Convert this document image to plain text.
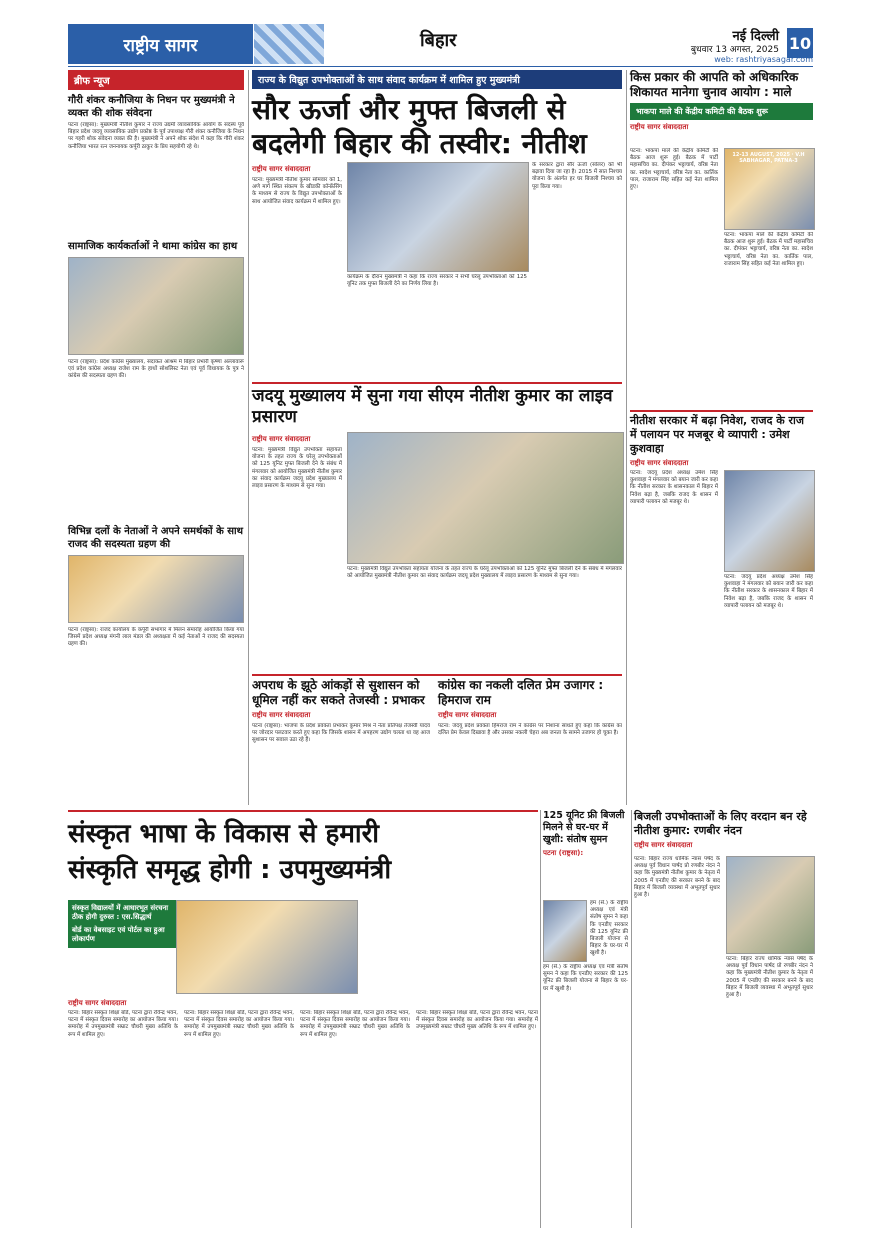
राष्ट्रीय सागर	बिहार	नई दिल्ली
बुधवार 13 अगस्त, 2025 10
web: rashtriyasagar.com
ब्रीफ न्यूज
गौरी शंकर कनौजिया के निधन पर मुख्यमंत्री ने व्यक्त की शोक संवेदना
पटना (राष्ट्रसा): मुख्यमंत्री नीतीश कुमार ने राज्य उद्यमी व्यावसायिक आयोग के सदस्य पूर्व बिहार प्रदेश जदयू व्यवसायिक उद्योग प्रकोष्ठ के पूर्व उपाध्यक्ष गौरी शंकर कनौजिया के निधन पर गहरी शोक संवेदना व्यक्त की है। मुख्यमंत्री ने अपने शोक संदेश में कहा कि गौरी शंकर कनौजिया भारत रत्न जननायक कर्पूरी ठाकुर के प्रिय सहयोगी रहे थे।
सामाजिक कार्यकर्ताओं ने थामा कांग्रेस का हाथ
पटना (राष्ट्रसा): प्रदेश कांग्रेस मुख्यालय, सदाकत आश्रम में बिहार प्रभारी कृष्णा अल्लावारू एवं प्रदेश कांग्रेस अध्यक्ष राजेश राम के हाथों सोशलिस्ट नेता एवं पूर्व विधायक के पुत्र ने कांग्रेस की सदस्यता ग्रहण की।
विभिन्न दलों के नेताओं ने अपने समर्थकों के साथ राजद की सदस्यता ग्रहण की
पटना (राष्ट्रसा): राजद कार्यालय के कर्पूरी सभागार में मिलन समारोह आयोजित किया गया जिसमें प्रदेश अध्यक्ष मंगनी लाल मंडल की अध्यक्षता में कई नेताओं ने राजद की सदस्यता ग्रहण की।
राज्य के विद्युत उपभोक्ताओं के साथ संवाद कार्यक्रम में शामिल हुए मुख्यमंत्री
सौर ऊर्जा और मुफ्त बिजली से
बदलेगी बिहार की तस्वीर: नीतीश
राष्ट्रीय सागर संवाददाता
पटना: मुख्यमंत्री नीतीश कुमार सोमवार को 1, अणे मार्ग स्थित संकल्प के खीडकी कॉन्फ्रेंसिंग के माध्यम से राज्य के विद्युत उपभोक्ताओं के साथ आयोजित संवाद कार्यक्रम में शामिल हुए।
कार्यक्रम के दौरान मुख्यमंत्री ने कहा कि राज्य सरकार ने सभी घरेलू उपभोक्ताओं को 125 यूनिट तक मुफ्त बिजली देने का निर्णय लिया है।
के सरकार द्वारा सौर ऊर्जा (सोलर) को भी बढ़ावा दिया जा रहा है। 2015 में सात निश्चय योजना के अंतर्गत हर घर बिजली निश्चय को पूरा किया गया।
जदयू मुख्यालय में सुना गया सीएम नीतीश कुमार का लाइव प्रसारण
राष्ट्रीय सागर संवाददाता
पटना: मुख्यमंत्री विद्युत उपभोक्ता सहायता योजना के तहत राज्य के घरेलू उपभोक्ताओं को 125 यूनिट मुफ्त बिजली देने के संबंध में मंगलवार को आयोजित मुख्यमंत्री नीतीश कुमार का संवाद कार्यक्रम जदयू प्रदेश मुख्यालय में लाइव प्रसारण के माध्यम से सुना गया।
पटना: मुख्यमंत्री विद्युत उपभोक्ता सहायता योजना के तहत राज्य के घरेलू उपभोक्ताओं को 125 यूनिट मुफ्त बिजली देने के संबंध में मंगलवार को आयोजित मुख्यमंत्री नीतीश कुमार का संवाद कार्यक्रम जदयू प्रदेश मुख्यालय में लाइव प्रसारण के माध्यम से सुना गया।
अपराध के झूठे आंकड़ों से सुशासन को धूमिल नहीं कर सकते तेजस्वी : प्रभाकर
राष्ट्रीय सागर संवाददाता
पटना (राष्ट्रसा): भाजपा के प्रदेश प्रवक्ता प्रभाकर कुमार मिश्र ने नेता प्रतिपक्ष तेजस्वी यादव पर जोरदार पलटवार करते हुए कहा कि जिसके शासन में अपहरण उद्योग चलता था वह आज सुशासन पर सवाल उठा रहे हैं।
कांग्रेस का नकली दलित प्रेम उजागर : हिमराज राम
राष्ट्रीय सागर संवाददाता
पटना: जदयू प्रदेश प्रवक्ता हिमराज राम ने कांग्रेस पर निशाना साधते हुए कहा कि कांग्रेस का दलित प्रेम केवल दिखावा है और उसका नकली चेहरा अब जनता के सामने उजागर हो चुका है।
किस प्रकार की आपति को अधिकारिक शिकायत मानेगा चुनाव आयोग : माले
भाकपा माले की केंद्रीय कमिटी की बैठक शुरू
राष्ट्रीय सागर संवाददाता
पटना: भाकपा माले की केंद्रीय कमिटी की बैठक आज शुरू हुई। बैठक में पार्टी महासचिव का. दीपंकर भट्टाचार्य, वरिष्ठ नेता का. स्वदेश भट्टाचार्य, वरिष्ठ नेता का. कार्तिक पाल, राजाराम सिंह सहित कई नेता शामिल हुए।
12-13 AUGUST, 2025 · V.H SABHAGAR, PATNA-3
पटना: भाकपा माले की केंद्रीय कमिटी की बैठक आज शुरू हुई। बैठक में पार्टी महासचिव का. दीपंकर भट्टाचार्य, वरिष्ठ नेता का. स्वदेश भट्टाचार्य, वरिष्ठ नेता का. कार्तिक पाल, राजाराम सिंह सहित कई नेता शामिल हुए।
नीतीश सरकार में बढ़ा निवेश, राजद के राज में पलायन पर मजबूर थे व्यापारी : उमेश कुशवाहा
राष्ट्रीय सागर संवाददाता
पटना: जदयू प्रदेश अध्यक्ष उमेश सिंह कुशवाहा ने मंगलवार को बयान जारी कर कहा कि नीतीश सरकार के शासनकाल में बिहार में निवेश बढ़ा है, जबकि राजद के शासन में व्यापारी पलायन को मजबूर थे।
पटना: जदयू प्रदेश अध्यक्ष उमेश सिंह कुशवाहा ने मंगलवार को बयान जारी कर कहा कि नीतीश सरकार के शासनकाल में बिहार में निवेश बढ़ा है, जबकि राजद के शासन में व्यापारी पलायन को मजबूर थे।
संस्कृत भाषा के विकास से हमारी
संस्कृति समृद्ध होगी : उपमुख्यमंत्री
संस्कृत विद्यालयों में आधारभूत संरचना ठीक होगी दुरुस्त : एस.सिद्धार्थ
बोर्ड का वेबसाइट एवं पोर्टल का हुआ लोकार्पण
राष्ट्रीय सागर संवाददाता
पटना: बिहार संस्कृत शिक्षा बोर्ड, पटना द्वारा रविन्द्र भवन, पटना में संस्कृत दिवस समारोह का आयोजन किया गया। समारोह में उपमुख्यमंत्री सम्राट चौधरी मुख्य अतिथि के रूप में शामिल हुए।
पटना: बिहार संस्कृत शिक्षा बोर्ड, पटना द्वारा रविन्द्र भवन, पटना में संस्कृत दिवस समारोह का आयोजन किया गया। समारोह में उपमुख्यमंत्री सम्राट चौधरी मुख्य अतिथि के रूप में शामिल हुए।
पटना: बिहार संस्कृत शिक्षा बोर्ड, पटना द्वारा रविन्द्र भवन, पटना में संस्कृत दिवस समारोह का आयोजन किया गया। समारोह में उपमुख्यमंत्री सम्राट चौधरी मुख्य अतिथि के रूप में शामिल हुए।
पटना: बिहार संस्कृत शिक्षा बोर्ड, पटना द्वारा रविन्द्र भवन, पटना में संस्कृत दिवस समारोह का आयोजन किया गया। समारोह में उपमुख्यमंत्री सम्राट चौधरी मुख्य अतिथि के रूप में शामिल हुए।
125 यूनिट फ्री बिजली मिलने से घर-घर में खुशी: संतोष सुमन
पटना (राष्ट्रसा):
हम (से.) के राष्ट्रीय अध्यक्ष एवं मंत्री संतोष सुमन ने कहा कि एनडीए सरकार की 125 यूनिट फ्री बिजली योजना से बिहार के घर-घर में खुशी है।
हम (से.) के राष्ट्रीय अध्यक्ष एवं मंत्री संतोष सुमन ने कहा कि एनडीए सरकार की 125 यूनिट फ्री बिजली योजना से बिहार के घर-घर में खुशी है।
बिजली उपभोक्ताओं के लिए वरदान बन रहे नीतीश कुमार: रणबीर नंदन
राष्ट्रीय सागर संवाददाता
पटना: बिहार राज्य धार्मिक न्यास पर्षद के अध्यक्ष पूर्व विधान पार्षद प्रो रणबीर नंदन ने कहा कि मुख्यमंत्री नीतीश कुमार के नेतृत्व में 2005 में एनडीए की सरकार बनने के बाद बिहार में बिजली व्यवस्था में अभूतपूर्व सुधार हुआ है।
पटना: बिहार राज्य धार्मिक न्यास पर्षद के अध्यक्ष पूर्व विधान पार्षद प्रो रणबीर नंदन ने कहा कि मुख्यमंत्री नीतीश कुमार के नेतृत्व में 2005 में एनडीए की सरकार बनने के बाद बिहार में बिजली व्यवस्था में अभूतपूर्व सुधार हुआ है।
